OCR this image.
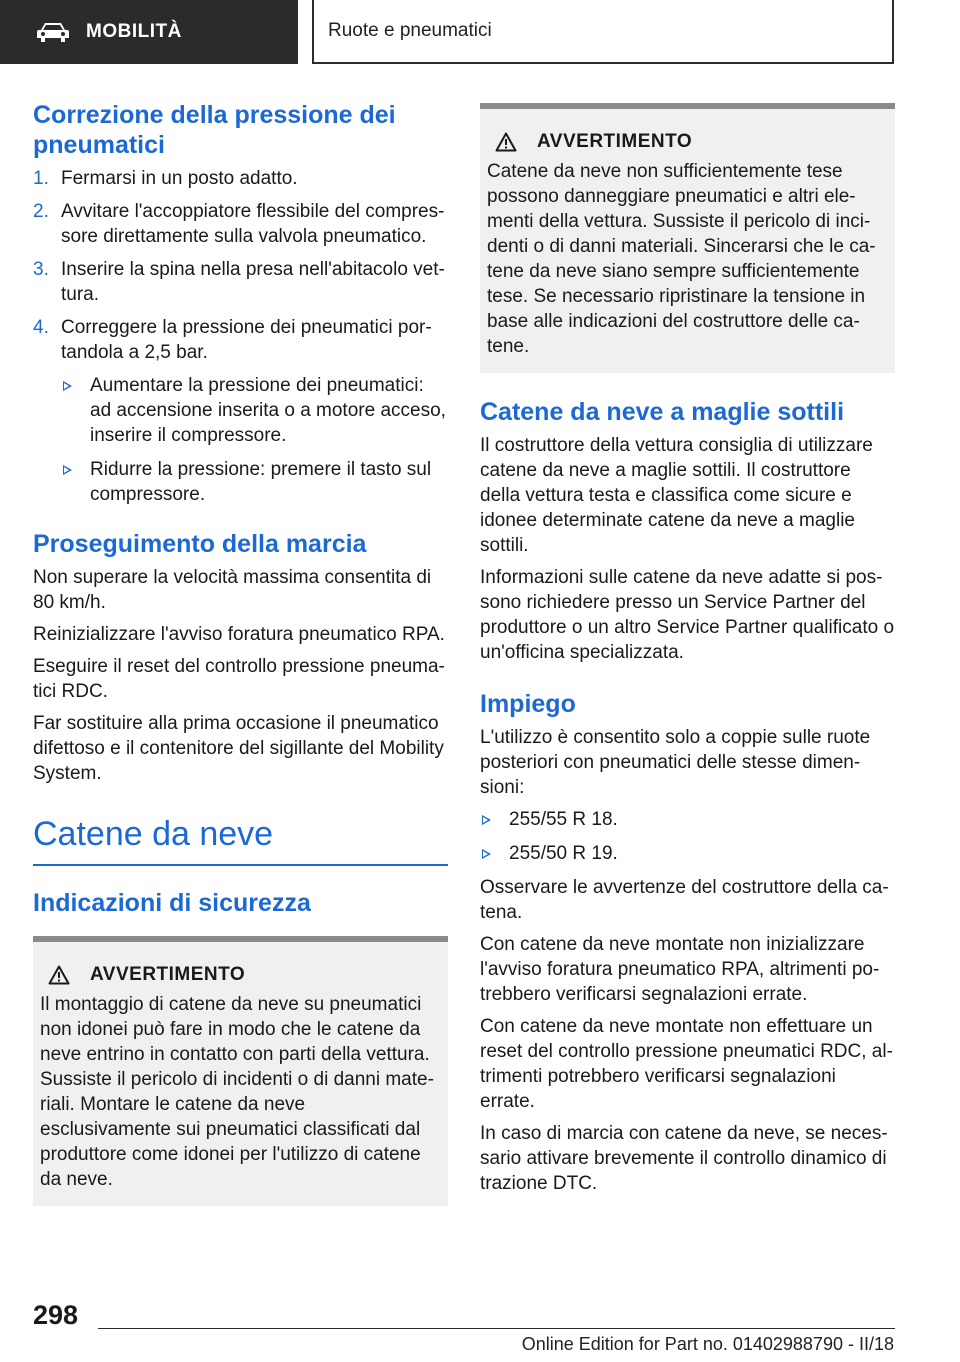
MOBILITÀ	Ruote e pneumatici
Correzione della pressione dei pneumatici
1. Fermarsi in un posto adatto.
2. Avvitare l'accoppiatore flessibile del compres‐sore direttamente sulla valvola pneumatico.
3. Inserire la spina nella presa nell'abitacolo vet‐tura.
4. Correggere la pressione dei pneumatici por‐tandola a 2,5 bar.
Aumentare la pressione dei pneumatici: ad accensione inserita o a motore acceso, inserire il compressore.
Ridurre la pressione: premere il tasto sul compressore.
Proseguimento della marcia

Non superare la velocità massima consentita di 80 km/h.

Reinizializzare l'avviso foratura pneumatico RPA.

Eseguire il reset del controllo pressione pneuma‐tici RDC.

Far sostituire alla prima occasione il pneumatico difettoso e il contenitore del sigillante del Mobility System.

Catene da neve
Indicazioni di sicurezza
AVVERTIMENTO

Il montaggio di catene da neve su pneumatici non idonei può fare in modo che le catene da neve entrino in contatto con parti della vettura. Sussiste il pericolo di incidenti o di danni mate‐riali. Montare le catene da neve esclusivamente sui pneumatici classificati dal produttore come idonei per l'utilizzo di catene da neve.

AVVERTIMENTO

Catene da neve non sufficientemente tese possono danneggiare pneumatici e altri ele‐menti della vettura. Sussiste il pericolo di inci‐denti o di danni materiali. Sincerarsi che le ca‐tene da neve siano sempre sufficientemente tese. Se necessario ripristinare la tensione in base alle indicazioni del costruttore delle ca‐tene.

Catene da neve a maglie sottili

Il costruttore della vettura consiglia di utilizzare catene da neve a maglie sottili. Il costruttore della vettura testa e classifica come sicure e idonee determinate catene da neve a maglie sottili.

Informazioni sulle catene da neve adatte si pos‐sono richiedere presso un Service Partner del produttore o un altro Service Partner qualificato o un'officina specializzata.

Impiego

L'utilizzo è consentito solo a coppie sulle ruote posteriori con pneumatici delle stesse dimen‐sioni:

255/55 R 18.
255/50 R 19.

Osservare le avvertenze del costruttore della ca‐tena.

Con catene da neve montate non inizializzare l'avviso foratura pneumatico RPA, altrimenti po‐trebbero verificarsi segnalazioni errate.

Con catene da neve montate non effettuare un reset del controllo pressione pneumatici RDC, al‐trimenti potrebbero verificarsi segnalazioni errate.

In caso di marcia con catene da neve, se neces‐sario attivare brevemente il controllo dinamico di trazione DTC.

298
Online Edition for Part no. 01402988790 - II/18
